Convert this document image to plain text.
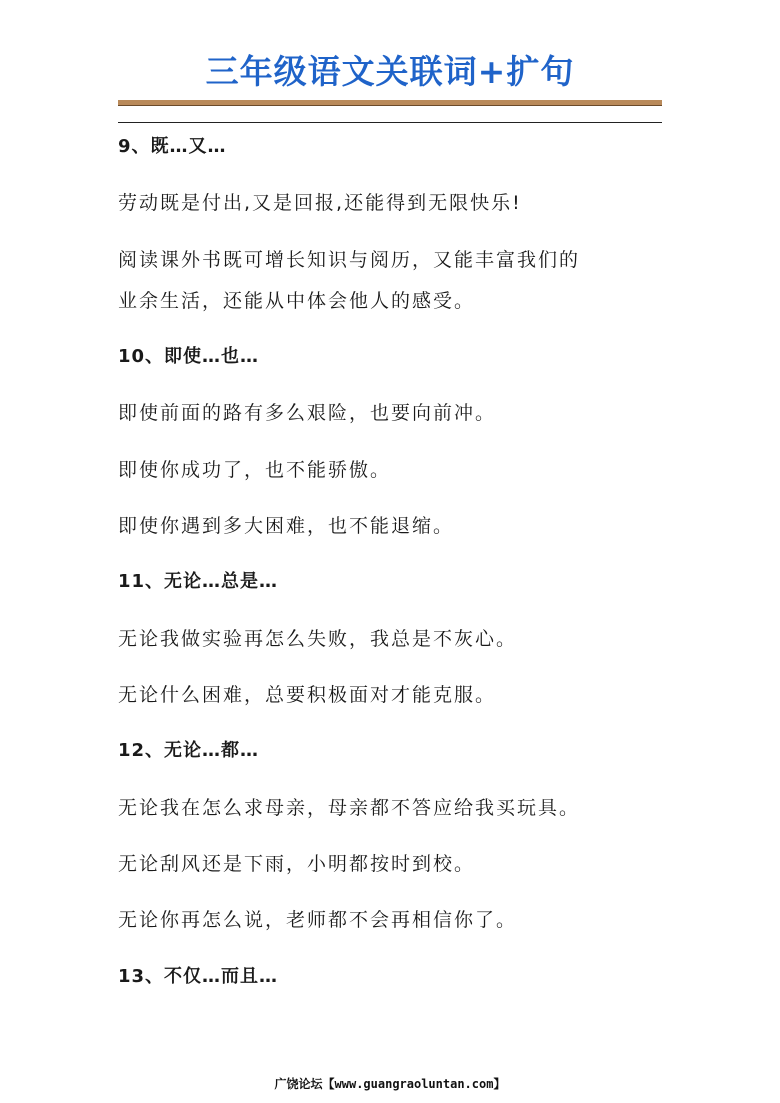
三年级语文关联词+扩句
9、既…又…
劳动既是付出,又是回报,还能得到无限快乐!
阅读课外书既可增长知识与阅历，又能丰富我们的
业余生活，还能从中体会他人的感受。
10、即使…也…
即使前面的路有多么艰险，也要向前冲。
即使你成功了，也不能骄傲。
即使你遇到多大困难，也不能退缩。
11、无论…总是…
无论我做实验再怎么失败，我总是不灰心。
无论什么困难，总要积极面对才能克服。
12、无论…都…
无论我在怎么求母亲，母亲都不答应给我买玩具。
无论刮风还是下雨，小明都按时到校。
无论你再怎么说，老师都不会再相信你了。
13、不仅…而且…
广饶论坛【www.guangraoluntan.com】
